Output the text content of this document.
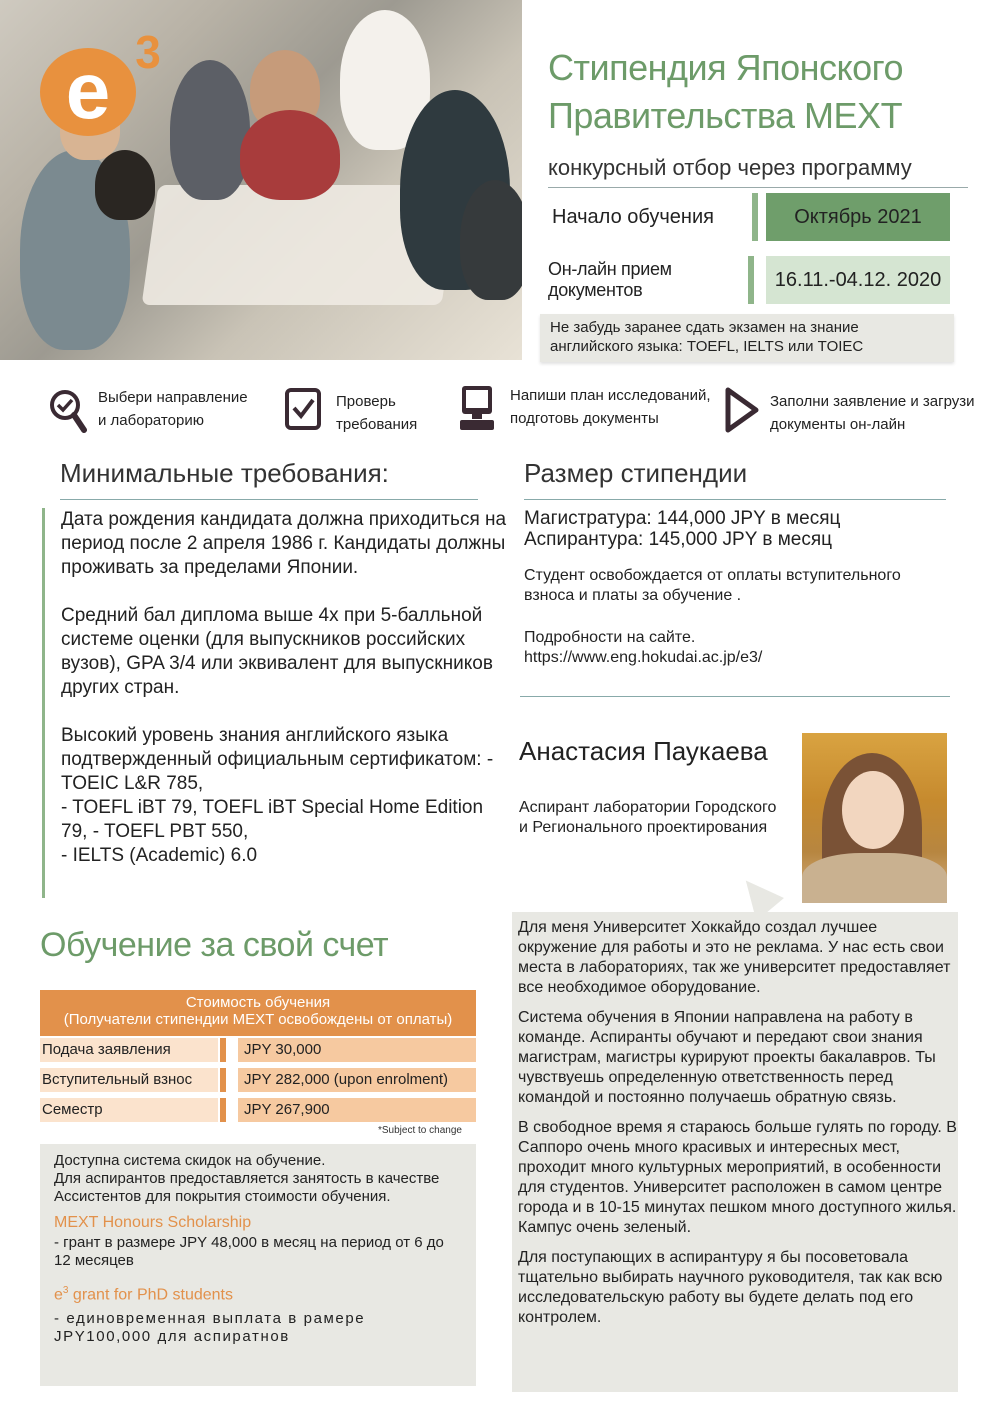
e 3	Стипендия Японского
Правительства MEXT
конкурсный отбор через программу
Начало обучения	Октябрь 2021
Он-лайн прием документов	16.11.-04.12. 2020
Не забудь заранее сдать экзамен на знание
английского языка: TOEFL, IELTS или TOIEC
Выбери направление
и лабораторию
Проверь
требования
Напиши план исследований,
подготовь документы
Заполни заявление и загрузи
документы он-лайн
Минимальные требования:

Дата рождения кандидата должна приходиться на период после 2 апреля 1986 г. Кандидаты должны проживать за пределами Японии.

Средний бал диплома выше 4х при 5-балльной системе оценки (для выпускников российских вузов), GPA 3/4 или эквивалент для выпускников других стран.

Высокий уровень знания английского языка подтвержденный официальным сертификатом: - TOEIC L&R 785,
- TOEFL iBT 79, TOEFL iBT Special Home Edition 79, - TOEFL PBT 550,
- IELTS (Academic) 6.0
Размер стипендии
Магистратура: 144,000 JPY в месяц
Аспирантура: 145,000 JPY в месяц
Студент освобождается от оплаты вступительного взноса и платы за обучение .
Подробности на сайте.
https://www.eng.hokudai.ac.jp/e3/
Анастасия Паукаева
Аспирант лаборатории Городского и Регионального проектирования

Для меня Университет Хоккайдо создал лучшее окружение для работы и это не реклама. У нас есть свои места в лабораториях, так же университет предоставляет все необходимое оборудование.

Система обучения в Японии направлена на работу в команде. Аспиранты обучают и передают свои знания магистрам, магистры курируют проекты бакалавров. Ты чувствуешь определенную ответственность перед командой и постоянно получаешь обратную связь.

В свободное время я стараюсь больше гулять по городу. В Саппоро очень много красивых и интересных мест, проходит много культурных мероприятий, в особенности для студентов. Университет расположен в самом центре города и в 10-15 минутах пешком много доступного жилья. Кампус очень зеленый.

Для поступающих в аспирантуру я бы посоветовала тщательно выбирать научного руководителя, так как всю исследовательскую работу вы будете делать под его контролем.

Обучение за свой счет
Стоимость обучения
(Получатели стипендии MEXT освобождены от оплаты)
Подача заявления	JPY 30,000
Вступительный взнос	JPY 282,000 (upon enrolment)
Семестр	JPY 267,900
*Subject to change
Доступна система скидок на обучение.
Для аспирантов предоставляется занятость в качестве Ассистентов для покрытия стоимости обучения.
MEXT Honours Scholarship
- грант в размере JPY 48,000 в месяц на период от 6 до 12 месяцев
$e^3$ grant for PhD students
- единовременная выплата в рамере JPY100,000 для аспиратнов
